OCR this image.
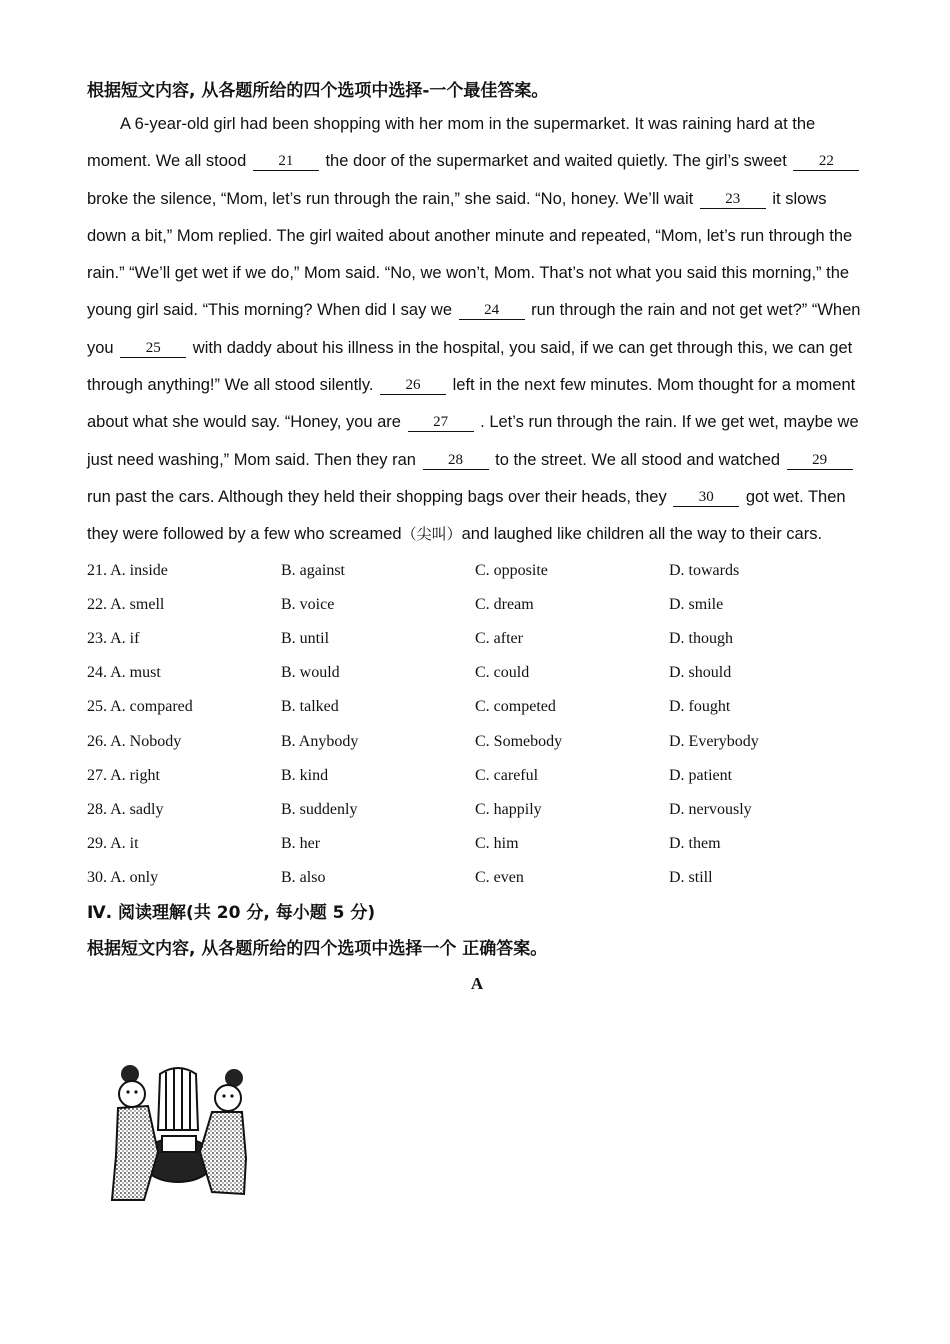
根据短文内容, 从各题所给的四个选项中选择-一个最佳答案。

A 6-year-old girl had been shopping with her mom in the supermarket. It was raining hard at the moment. We all stood 21 the door of the supermarket and waited quietly. The girl’s sweet 22 broke the silence, “Mom, let’s run through the rain,” she said. “No, honey. We’ll wait 23 it slows down a bit,” Mom replied. The girl waited about another minute and repeated, “Mom, let’s run through the rain.” “We’ll get wet if we do,” Mom said. “No, we won’t, Mom. That’s not what you said this morning,” the young girl said. “This morning? When did I say we 24 run through the rain and not get wet?” “When you 25 with daddy about his illness in the hospital, you said, if we can get through this, we can get through anything!” We all stood silently. 26 left in the next few minutes. Mom thought for a moment about what she would say. “Honey, you are 27 . Let’s run through the rain. If we get wet, maybe we just need washing,” Mom said. Then they ran 28 to the street. We all stood and watched 29 run past the cars. Although they held their shopping bags over their heads, they 30 got wet. Then they were followed by a few who screamed（尖叫）and laughed like children all the way to their cars.

21. A. inside	B. against	C. opposite	D. towards
22. A. smell	B. voice	C. dream	D. smile
23. A. if	B. until	C. after	D. though
24. A. must	B. would	C. could	D. should
25. A. compared	B. talked	C. competed	D. fought
26. A. Nobody	B. Anybody	C. Somebody	D. Everybody
27. A. right	B. kind	C. careful	D. patient
28. A. sadly	B. suddenly	C. happily	D. nervously
29. A. it	B. her	C. him	D. them
30. A. only	B. also	C. even	D. still

Ⅳ. 阅读理解(共 20 分, 每小题 5 分)

根据短文内容, 从各题所给的四个选项中选择一个 正确答案。

A
